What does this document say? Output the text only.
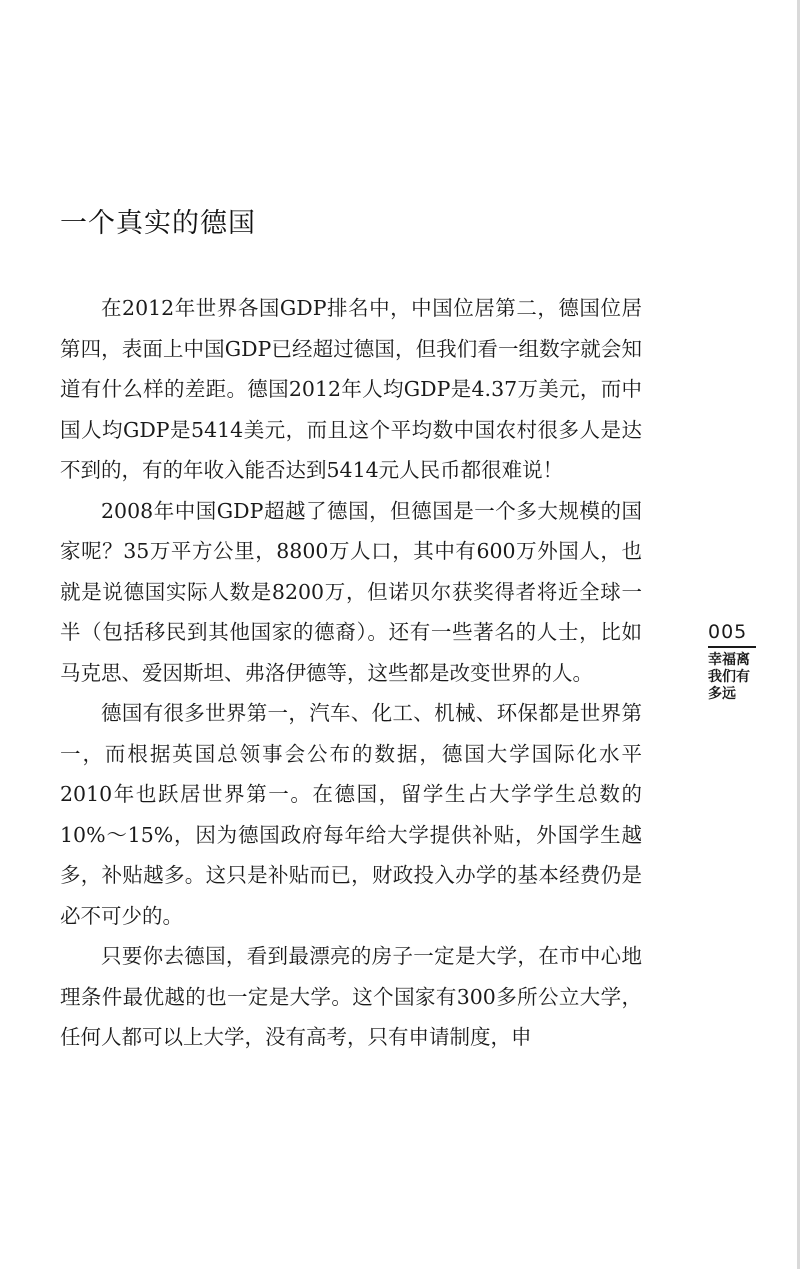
一个真实的德国

在2012年世界各国GDP排名中，中国位居第二，德国位居第四，表面上中国GDP已经超过德国，但我们看一组数字就会知道有什么样的差距。德国2012年人均GDP是4.37万美元，而中国人均GDP是5414美元，而且这个平均数中国农村很多人是达不到的，有的年收入能否达到5414元人民币都很难说！

2008年中国GDP超越了德国，但德国是一个多大规模的国家呢？35万平方公里，8800万人口，其中有600万外国人，也就是说德国实际人数是8200万，但诺贝尔获奖得者将近全球一半（包括移民到其他国家的德裔）。还有一些著名的人士，比如马克思、爱因斯坦、弗洛伊德等，这些都是改变世界的人。

德国有很多世界第一，汽车、化工、机械、环保都是世界第一，而根据英国总领事会公布的数据，德国大学国际化水平2010年也跃居世界第一。在德国，留学生占大学学生总数的10%～15%，因为德国政府每年给大学提供补贴，外国学生越多，补贴越多。这只是补贴而已，财政投入办学的基本经费仍是必不可少的。

只要你去德国，看到最漂亮的房子一定是大学，在市中心地理条件最优越的也一定是大学。这个国家有300多所公立大学，任何人都可以上大学，没有高考，只有申请制度，申

005
幸福离我们有多远
